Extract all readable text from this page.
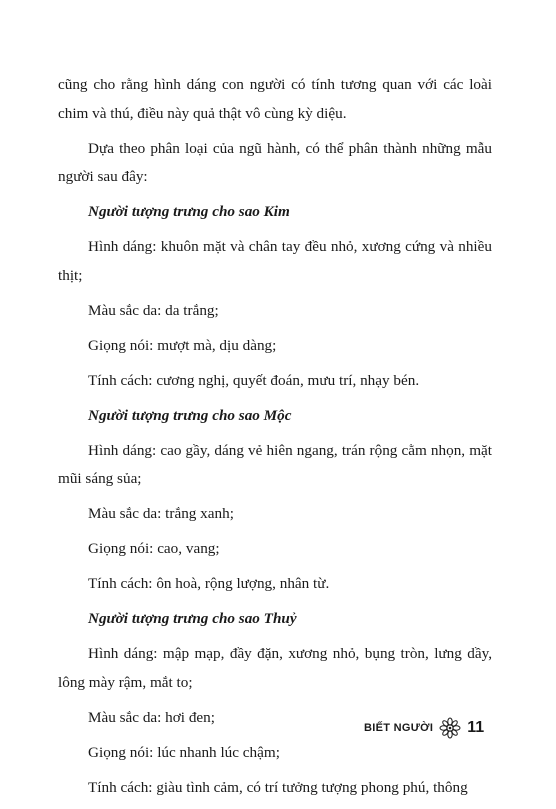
cũng cho rằng hình dáng con người có tính tương quan với các loài chim và thú, điều này quả thật vô cùng kỳ diệu.

Dựa theo phân loại của ngũ hành, có thể phân thành những mẫu người sau đây:

Người tượng trưng cho sao Kim

Hình dáng: khuôn mặt và chân tay đều nhỏ, xương cứng và nhiều thịt;

Màu sắc da: da trắng;

Giọng nói: mượt mà, dịu dàng;

Tính cách: cương nghị, quyết đoán, mưu trí, nhạy bén.

Người tượng trưng cho sao Mộc

Hình dáng: cao gầy, dáng vẻ hiên ngang, trán rộng cằm nhọn, mặt mũi sáng sủa;

Màu sắc da: trắng xanh;

Giọng nói: cao, vang;

Tính cách: ôn hoà, rộng lượng, nhân từ.

Người tượng trưng cho sao Thuỷ

Hình dáng: mập mạp, đầy đặn, xương nhỏ, bụng tròn, lưng dầy, lông mày rậm, mắt to;

Màu sắc da: hơi đen;

Giọng nói: lúc nhanh lúc chậm;

Tính cách: giàu tình cảm, có trí tưởng tượng phong phú, thông

BIẾT NGƯỜI 11
